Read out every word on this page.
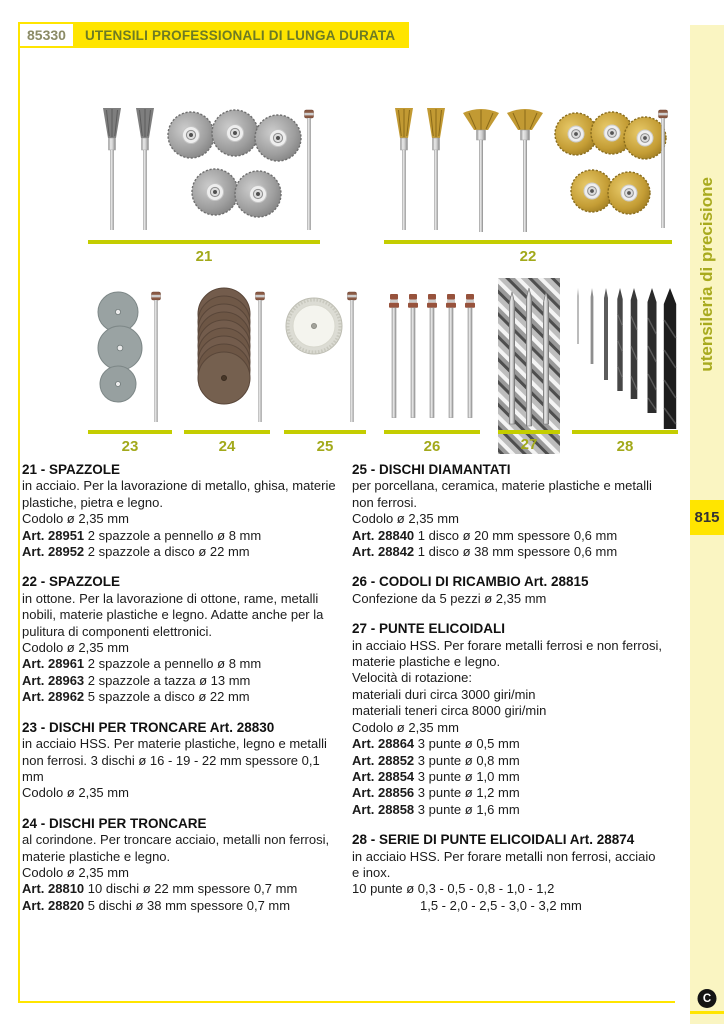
85330	UTENSILI PROFESSIONALI DI LUNGA DURATA
21	22
23	24	25	26	27	28
21 - SPAZZOLE

in acciaio. Per la lavorazione di metallo, ghisa, materie plastiche, pietra e legno.

Codolo ø 2,35 mm

Art. 28951 2 spazzole a pennello ø 8 mm

Art. 28952 2 spazzole a disco ø 22 mm

22 - SPAZZOLE

in ottone. Per la lavorazione di ottone, rame, metalli nobili, materie plastiche e legno. Adatte anche per la pulitura di componenti elettronici.

Codolo ø 2,35 mm

Art. 28961 2 spazzole a pennello ø 8 mm

Art. 28963 2 spazzole a tazza ø 13 mm

Art. 28962 5 spazzole a disco ø 22 mm

23 - DISCHI PER TRONCARE Art. 28830

in acciaio HSS. Per materie plastiche, legno e metalli non ferrosi. 3 dischi ø 16 - 19 - 22 mm spessore 0,1 mm

Codolo ø 2,35 mm

24 - DISCHI PER TRONCARE

al corindone. Per troncare acciaio, metalli non ferrosi, materie plastiche e legno.

Codolo ø 2,35 mm

Art. 28810 10 dischi ø 22 mm spessore 0,7 mm

Art. 28820 5 dischi ø 38 mm spessore 0,7 mm

25 - DISCHI DIAMANTATI

per porcellana, ceramica, materie plastiche e metalli non ferrosi.

Codolo ø 2,35 mm

Art. 28840 1 disco ø 20 mm spessore 0,6 mm

Art. 28842 1 disco ø 38 mm spessore 0,6 mm

26 - CODOLI DI RICAMBIO Art. 28815

Confezione da 5 pezzi ø 2,35 mm

27 - PUNTE ELICOIDALI

in acciaio HSS. Per forare metalli ferrosi e non ferrosi, materie plastiche e legno.

Velocità di rotazione:

materiali duri circa 3000 giri/min

materiali teneri circa 8000 giri/min

Codolo ø 2,35 mm

Art. 28864 3 punte ø 0,5 mm

Art. 28852 3 punte ø 0,8 mm

Art. 28854 3 punte ø 1,0 mm

Art. 28856 3 punte ø 1,2 mm

Art. 28858 3 punte ø 1,6 mm

28 - SERIE DI PUNTE ELICOIDALI Art. 28874

in acciaio HSS. Per forare metalli non ferrosi, acciaio e inox.

10 punte ø 0,3 - 0,5 - 0,8 - 1,0 - 1,2

1,5 - 2,0 - 2,5 - 3,0 - 3,2 mm

utensileria di precisione
815
C
